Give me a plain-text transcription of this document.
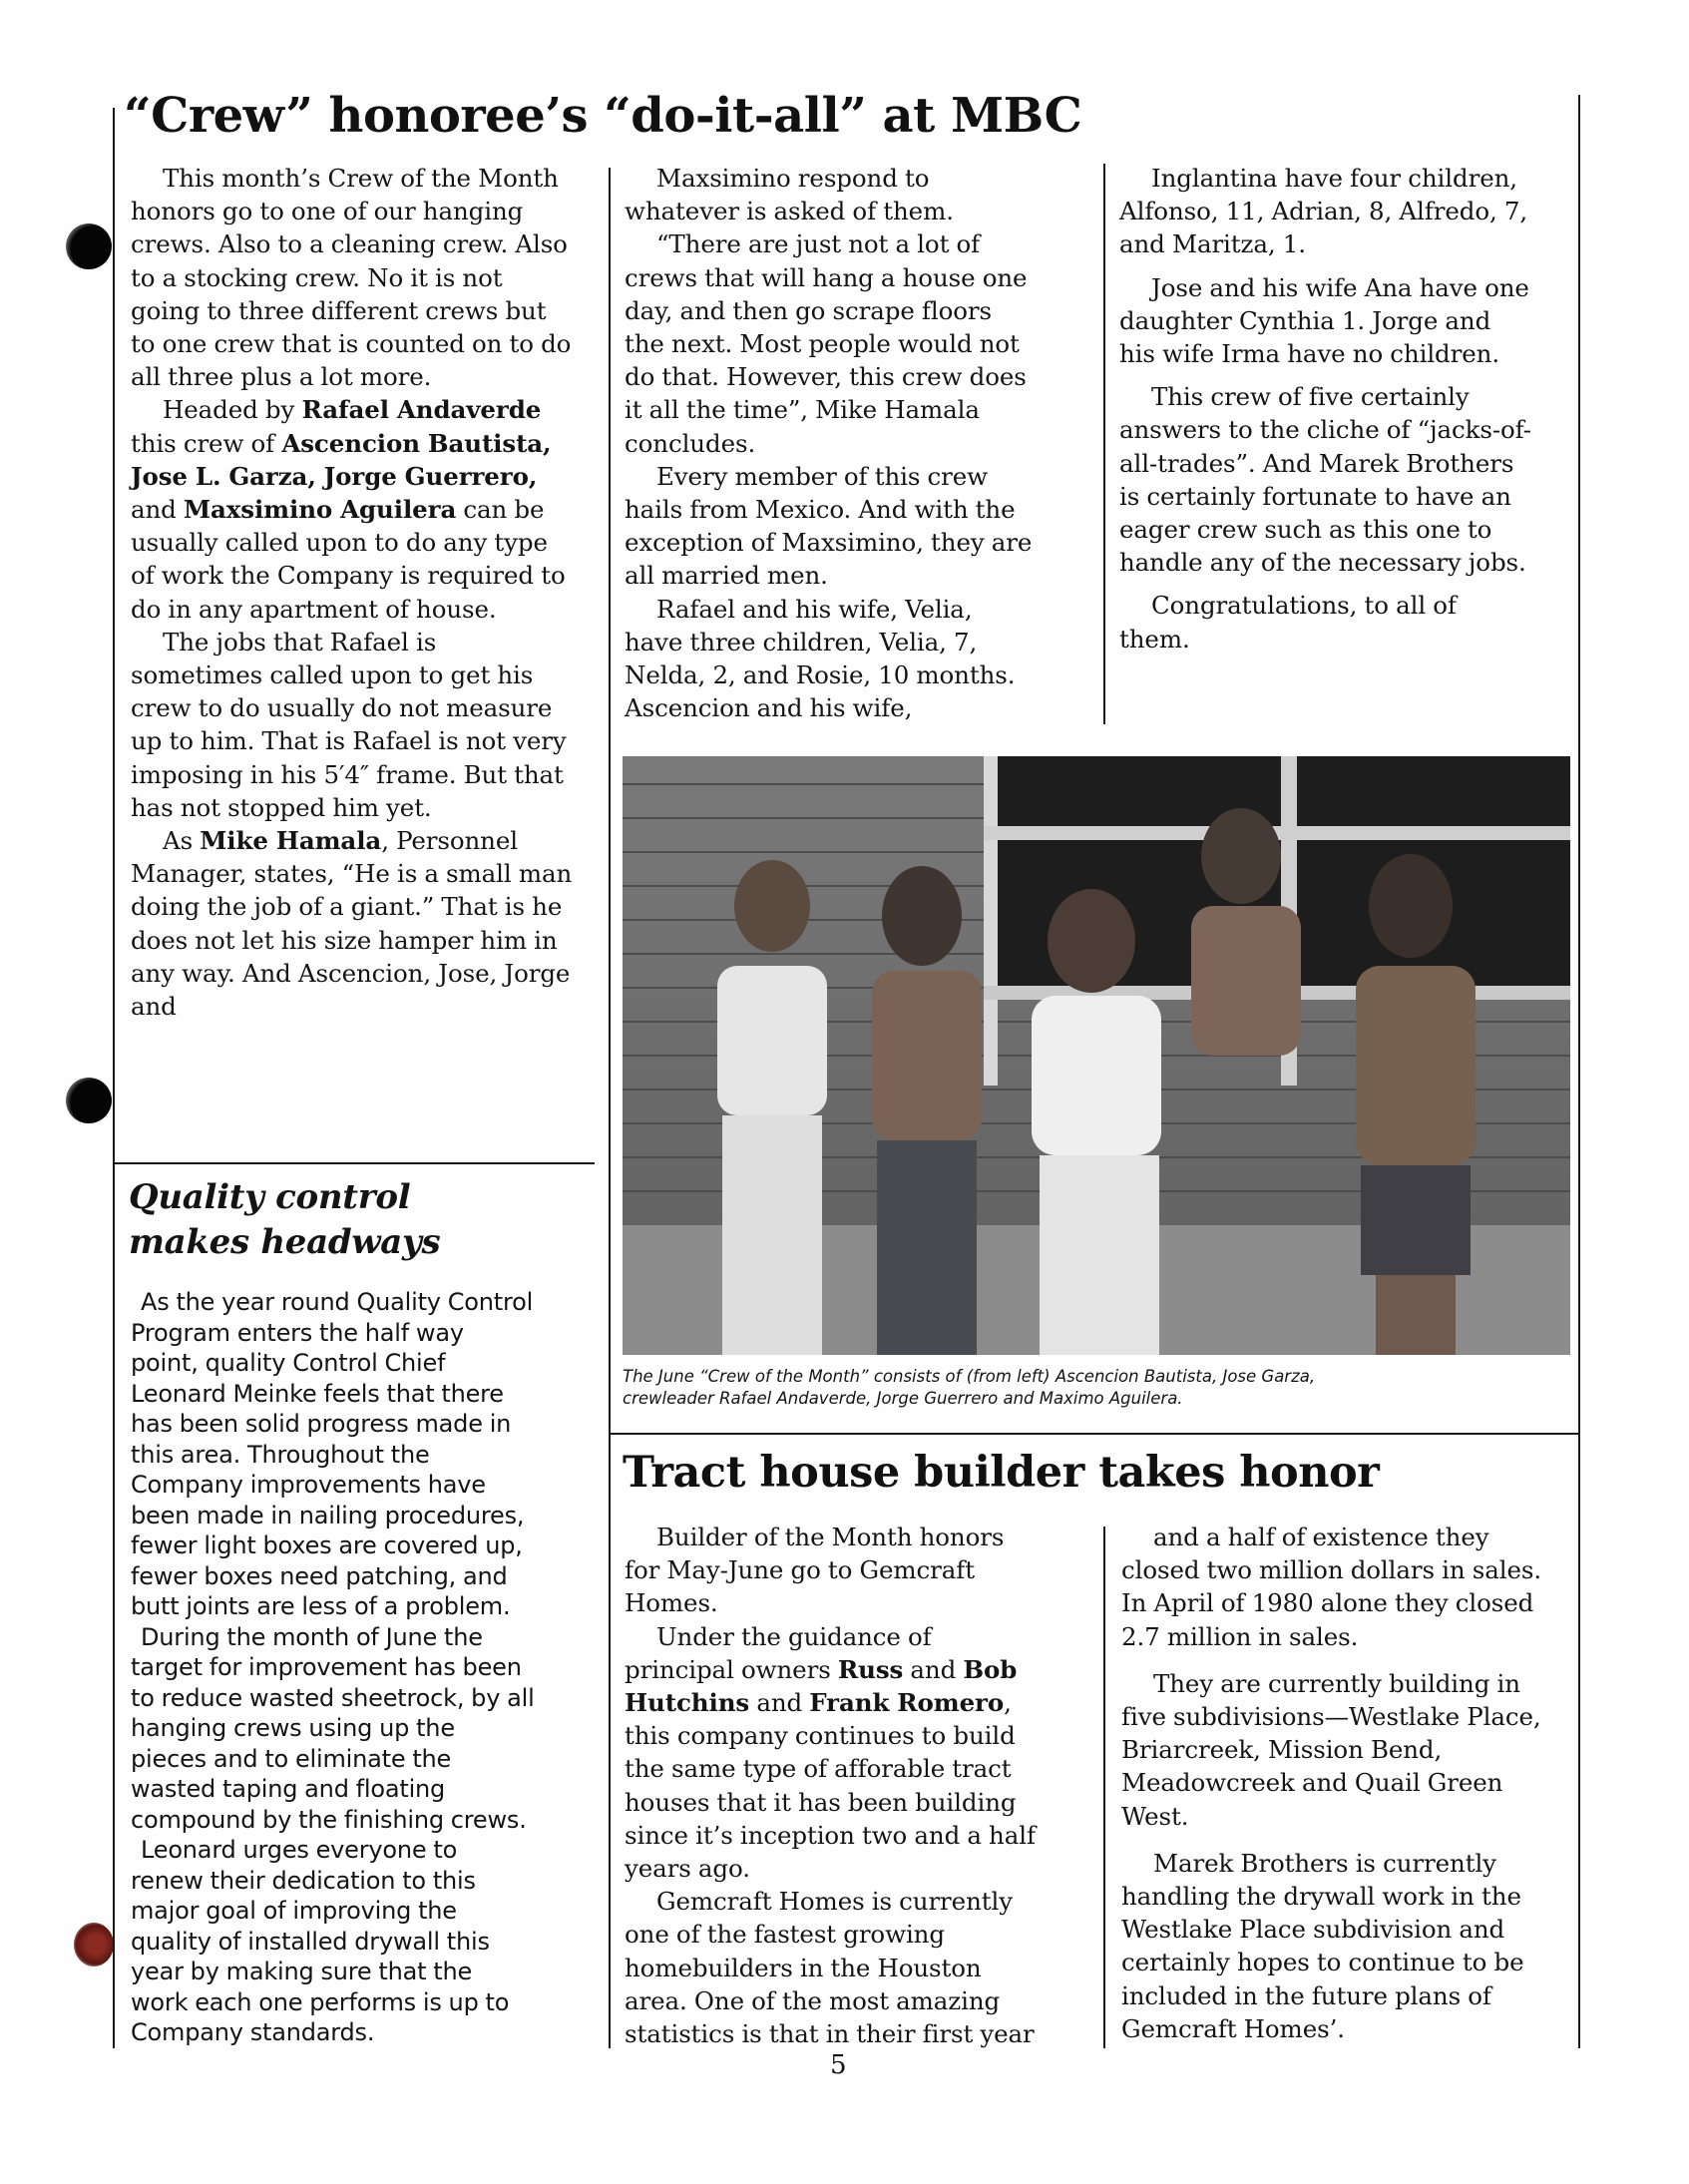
“Crew” honoree’s “do-it-all” at MBC

This month’s Crew of the Month honors go to one of our hanging crews. Also to a cleaning crew. Also to a stocking crew. No it is not going to three different crews but to one crew that is counted on to do all three plus a lot more.

Headed by Rafael Andaverde this crew of Ascencion Bautista, Jose L. Garza, Jorge Guerrero, and Maxsimino Aguilera can be usually called upon to do any type of work the Company is required to do in any apartment of house.

The jobs that Rafael is sometimes called upon to get his crew to do usually do not measure up to him. That is Rafael is not very imposing in his 5′4″ frame. But that has not stopped him yet.

As Mike Hamala, Personnel Manager, states, “He is a small man doing the job of a giant.” That is he does not let his size hamper him in any way. And Ascencion, Jose, Jorge and

Maxsimino respond to whatever is asked of them.

“There are just not a lot of crews that will hang a house one day, and then go scrape floors the next. Most people would not do that. However, this crew does it all the time”, Mike Hamala concludes.

Every member of this crew hails from Mexico. And with the exception of Maxsimino, they are all married men.

Rafael and his wife, Velia, have three children, Velia, 7, Nelda, 2, and Rosie, 10 months. Ascencion and his wife,

Inglantina have four children, Alfonso, 11, Adrian, 8, Alfredo, 7, and Maritza, 1.

Jose and his wife Ana have one daughter Cynthia 1. Jorge and his wife Irma have no children.

This crew of five certainly answers to the cliche of “jacks-of-all-trades”. And Marek Brothers is certainly fortunate to have an eager crew such as this one to handle any of the necessary jobs.

Congratulations, to all of them.

The June “Crew of the Month” consists of (from left) Ascencion Bautista, Jose Garza, crewleader Rafael Andaverde, Jorge Guerrero and Maximo Aguilera.
Quality control
makes headways

As the year round Quality Control Program enters the half way point, quality Control Chief Leonard Meinke feels that there has been solid progress made in this area. Throughout the Company improvements have been made in nailing procedures, fewer light boxes are covered up, fewer boxes need patching, and butt joints are less of a problem.

During the month of June the target for improvement has been to reduce wasted sheetrock, by all hanging crews using up the pieces and to eliminate the wasted taping and floating compound by the finishing crews.

Leonard urges everyone to renew their dedication to this major goal of improving the quality of installed drywall this year by making sure that the work each one performs is up to Company standards.

Tract house builder takes honor

Builder of the Month honors for May-June go to Gemcraft Homes.

Under the guidance of principal owners Russ and Bob Hutchins and Frank Romero, this company continues to build the same type of afforable tract houses that it has been building since it’s inception two and a half years ago.

Gemcraft Homes is currently one of the fastest growing homebuilders in the Houston area. One of the most amazing statistics is that in their first year

and a half of existence they closed two million dollars in sales. In April of 1980 alone they closed 2.7 million in sales.

They are currently building in five subdivisions—Westlake Place, Briarcreek, Mission Bend, Meadowcreek and Quail Green West.

Marek Brothers is currently handling the drywall work in the Westlake Place subdivision and certainly hopes to continue to be included in the future plans of Gemcraft Homes’.

5
